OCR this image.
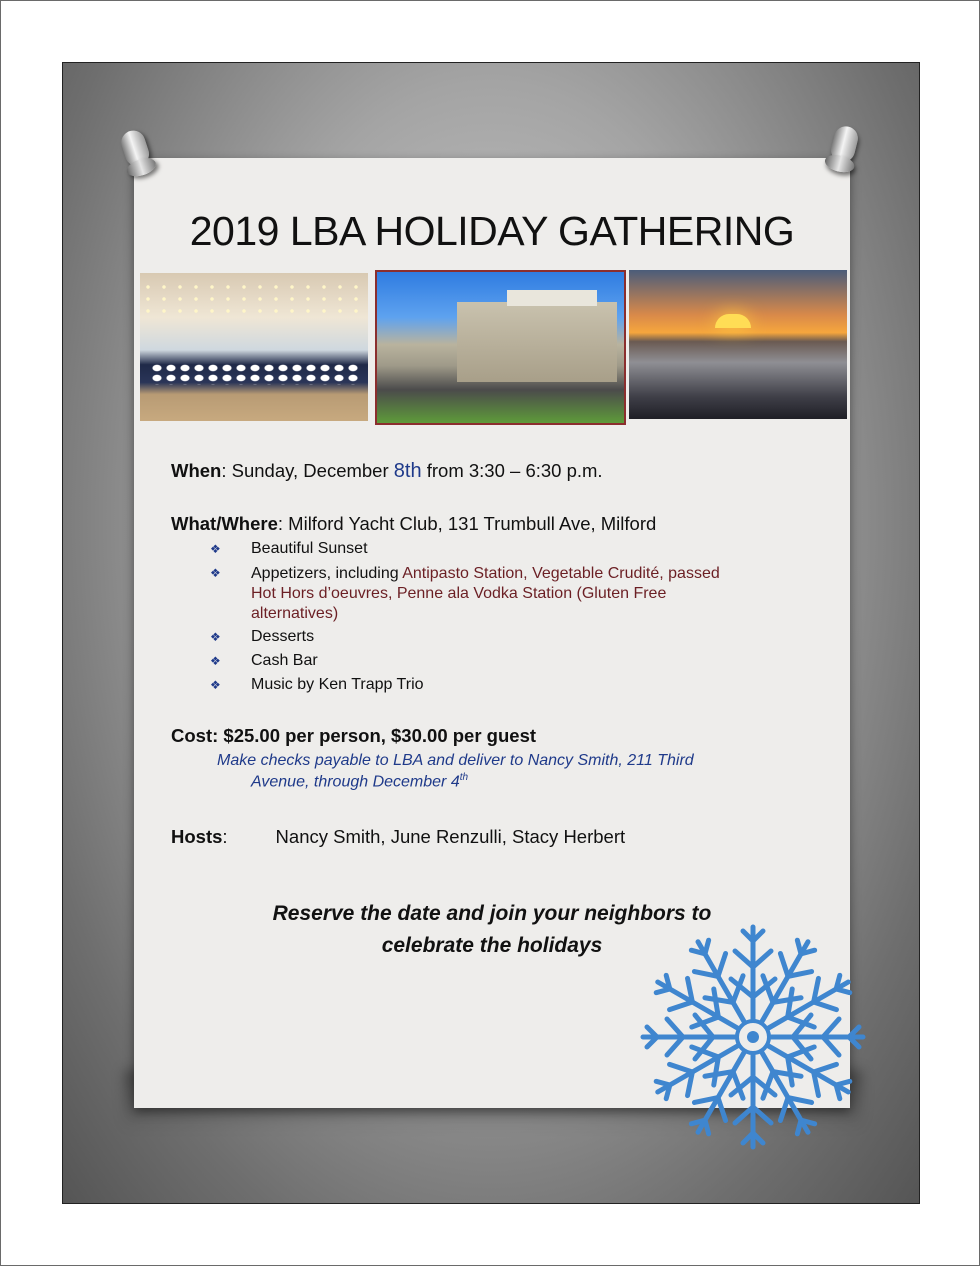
2019 LBA HOLIDAY GATHERING
When: Sunday, December 8th from 3:30 – 6:30 p.m.
What/Where: Milford Yacht Club, 131 Trumbull Ave, Milford
❖ Beautiful Sunset
❖ Appetizers, including Antipasto Station, Vegetable Crudité, passed
Hot Hors d’oeuvres, Penne ala Vodka Station (Gluten Free
alternatives)
❖ Desserts
❖ Cash Bar
❖ Music by Ken Trapp Trio
Cost: $25.00 per person, $30.00 per guest
Make checks payable to LBA and deliver to Nancy Smith, 211 Third
Avenue, through December 4th
Hosts:	Nancy Smith, June Renzulli, Stacy Herbert
Reserve the date and join your neighbors to
celebrate the holidays
